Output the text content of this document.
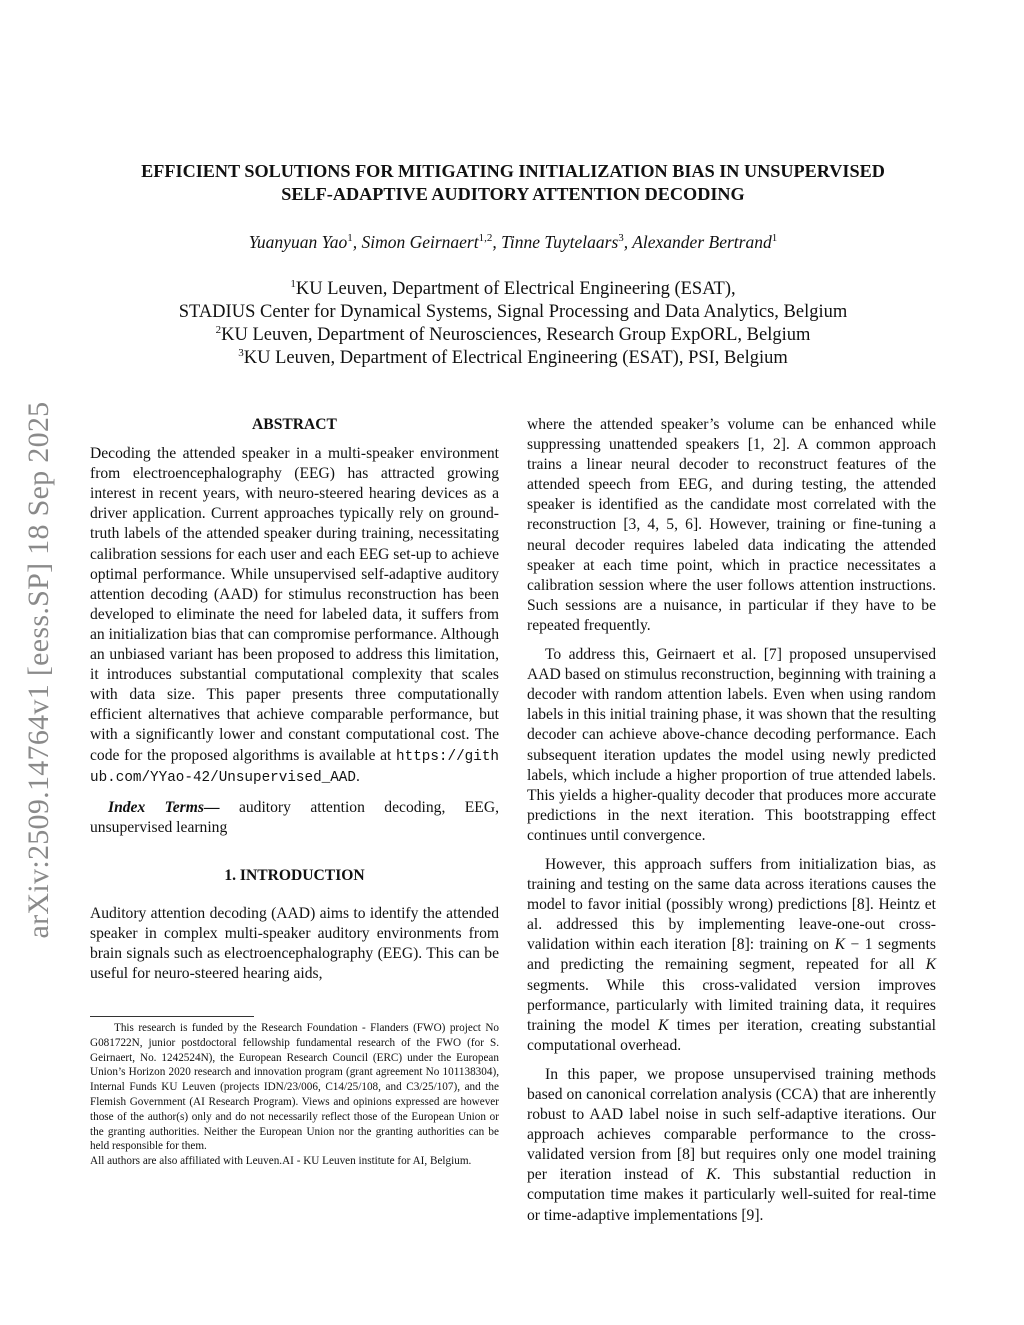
arXiv:2509.14764v1 [eess.SP] 18 Sep 2025
EFFICIENT SOLUTIONS FOR MITIGATING INITIALIZATION BIAS IN UNSUPERVISED
SELF-ADAPTIVE AUDITORY ATTENTION DECODING
Yuanyuan Yao$^1$, Simon Geirnaert$^{1,2}$, Tinne Tuytelaars$^3$, Alexander Bertrand$^1$
$^1$KU Leuven, Department of Electrical Engineering (ESAT),
STADIUS Center for Dynamical Systems, Signal Processing and Data Analytics, Belgium
$^2$KU Leuven, Department of Neurosciences, Research Group ExpORL, Belgium
$^3$KU Leuven, Department of Electrical Engineering (ESAT), PSI, Belgium
ABSTRACT

Decoding the attended speaker in a multi-speaker environment from electroencephalography (EEG) has attracted growing interest in recent years, with neuro-steered hearing devices as a driver application. Current approaches typically rely on ground-truth labels of the attended speaker during training, necessitating calibration sessions for each user and each EEG set-up to achieve optimal performance. While unsupervised self-adaptive auditory attention decoding (AAD) for stimulus reconstruction has been developed to eliminate the need for labeled data, it suffers from an initialization bias that can compromise performance. Although an unbiased variant has been proposed to address this limitation, it introduces substantial computational complexity that scales with data size. This paper presents three computationally efficient alternatives that achieve comparable performance, but with a significantly lower and constant computational cost. The code for the proposed algorithms is available at https://github.com/YYao-42/Unsupervised_AAD.

Index Terms— auditory attention decoding, EEG, unsupervised learning

1. INTRODUCTION

Auditory attention decoding (AAD) aims to identify the attended speaker in complex multi-speaker auditory environments from brain signals such as electroencephalography (EEG). This can be useful for neuro-steered hearing aids,

This research is funded by the Research Foundation - Flanders (FWO) project No G081722N, junior postdoctoral fellowship fundamental research of the FWO (for S. Geirnaert, No. 1242524N), the European Research Council (ERC) under the European Union’s Horizon 2020 research and innovation program (grant agreement No 101138304), Internal Funds KU Leuven (projects IDN/23/006, C14/25/108, and C3/25/107), and the Flemish Government (AI Research Program). Views and opinions expressed are however those of the author(s) only and do not necessarily reflect those of the European Union or the granting authorities. Neither the European Union nor the granting authorities can be held responsible for them.

All authors are also affiliated with Leuven.AI - KU Leuven institute for AI, Belgium.

where the attended speaker’s volume can be enhanced while suppressing unattended speakers [1, 2]. A common approach trains a linear neural decoder to reconstruct features of the attended speech from EEG, and during testing, the attended speaker is identified as the candidate most correlated with the reconstruction [3, 4, 5, 6]. However, training or fine-tuning a neural decoder requires labeled data indicating the attended speaker at each time point, which in practice necessitates a calibration session where the user follows attention instructions. Such sessions are a nuisance, in particular if they have to be repeated frequently.

To address this, Geirnaert et al. [7] proposed unsupervised AAD based on stimulus reconstruction, beginning with training a decoder with random attention labels. Even when using random labels in this initial training phase, it was shown that the resulting decoder can achieve above-chance decoding performance. Each subsequent iteration updates the model using newly predicted labels, which include a higher proportion of true attended labels. This yields a higher-quality decoder that produces more accurate predictions in the next iteration. This bootstrapping effect continues until convergence.

However, this approach suffers from initialization bias, as training and testing on the same data across iterations causes the model to favor initial (possibly wrong) predictions [8]. Heintz et al. addressed this by implementing leave-one-out cross-validation within each iteration [8]: training on K − 1 segments and predicting the remaining segment, repeated for all K segments. While this cross-validated version improves performance, particularly with limited training data, it requires training the model K times per iteration, creating substantial computational overhead.

In this paper, we propose unsupervised training methods based on canonical correlation analysis (CCA) that are inherently robust to AAD label noise in such self-adaptive iterations. Our approach achieves comparable performance to the cross-validated version from [8] but requires only one model training per iteration instead of K. This substantial reduction in computation time makes it particularly well-suited for real-time or time-adaptive implementations [9].
